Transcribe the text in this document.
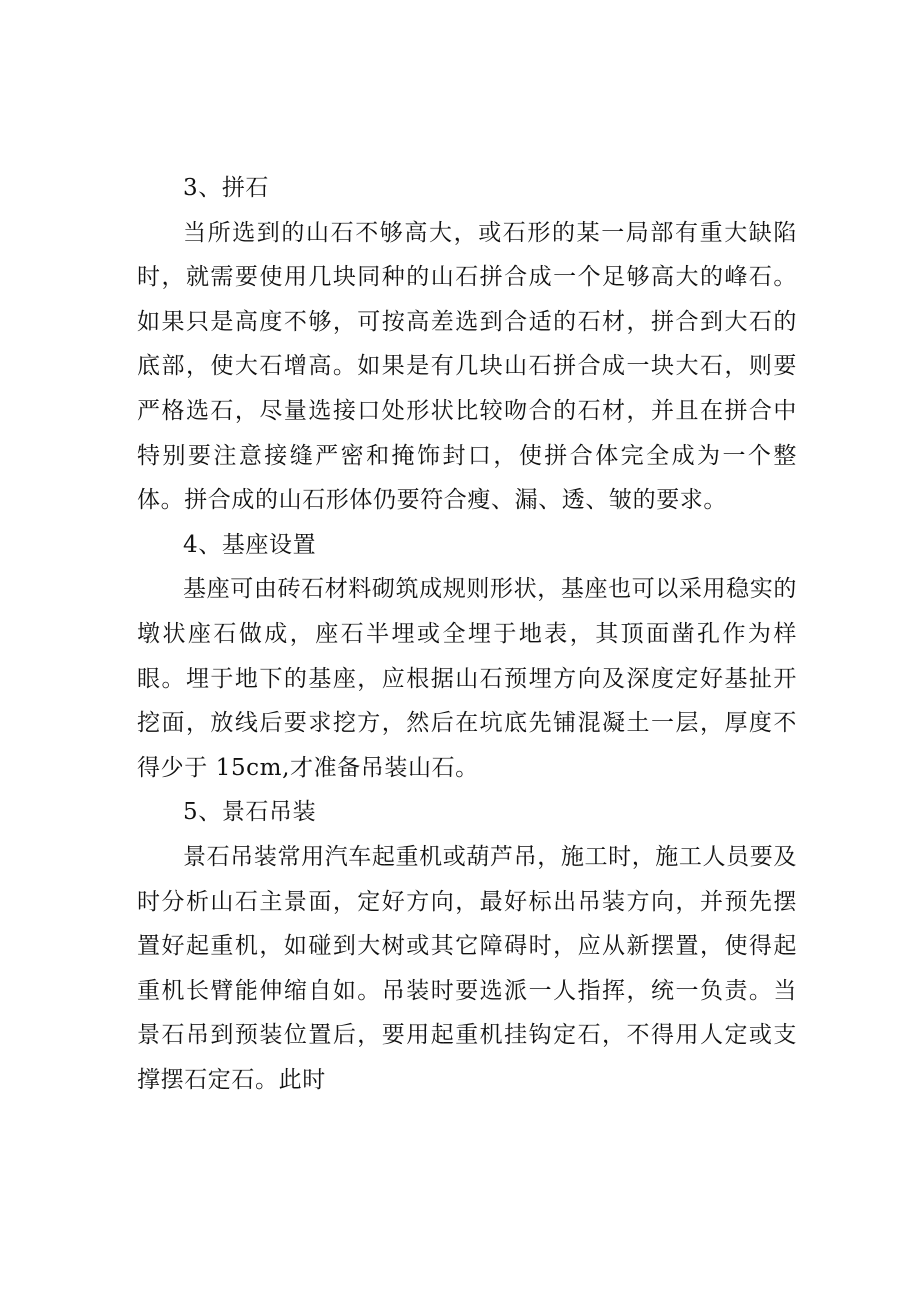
3、拼石

当所选到的山石不够高大，或石形的某一局部有重大缺陷时，就需要使用几块同种的山石拼合成一个足够高大的峰石。如果只是高度不够，可按高差选到合适的石材，拼合到大石的底部，使大石增高。如果是有几块山石拼合成一块大石，则要严格选石，尽量选接口处形状比较吻合的石材，并且在拼合中特别要注意接缝严密和掩饰封口，使拼合体完全成为一个整体。拼合成的山石形体仍要符合瘦、漏、透、皱的要求。

4、基座设置

基座可由砖石材料砌筑成规则形状，基座也可以采用稳实的墩状座石做成，座石半埋或全埋于地表，其顶面凿孔作为样眼。埋于地下的基座，应根据山石预埋方向及深度定好基扯开挖面，放线后要求挖方，然后在坑底先铺混凝土一层，厚度不得少于 15cm,才准备吊装山石。

5、景石吊装

景石吊装常用汽车起重机或葫芦吊，施工时，施工人员要及时分析山石主景面，定好方向，最好标出吊装方向，并预先摆置好起重机，如碰到大树或其它障碍时，应从新摆置，使得起重机长臂能伸缩自如。吊装时要选派一人指挥，统一负责。当景石吊到预装位置后，要用起重机挂钩定石，不得用人定或支撑摆石定石。此时
